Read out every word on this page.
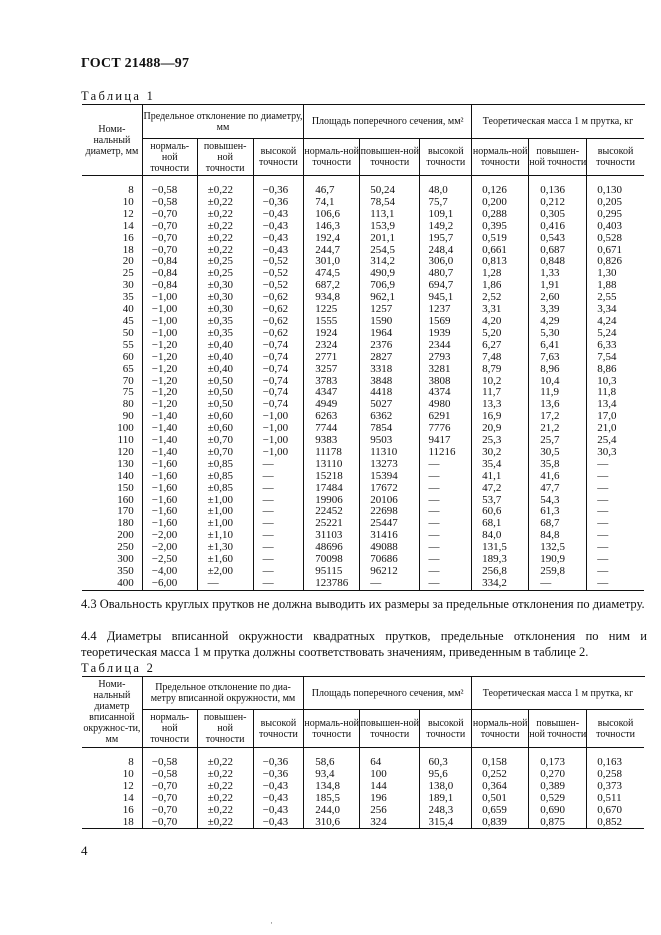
ГОСТ 21488—97
Таблица 1
Номи-нальный диаметр, мм	Предельное отклонение по диаметру, мм			Площадь поперечного сечения, мм²			Теоретическая масса 1 м прутка, кг			
	нормаль-ной точности	повышен-ной точности	высокой точности	нормаль-ной точности	повышен-ной точности	высокой точности	нормаль-ной точности	повышен-ной точности	высокой точности	

8	−0,58	±0,22	−0,36	46,7	50,24	48,0	0,126	0,136	0,130	
10	−0,58	±0,22	−0,36	74,1	78,54	75,7	0,200	0,212	0,205	
12	−0,70	±0,22	−0,43	106,6	113,1	109,1	0,288	0,305	0,295	
14	−0,70	±0,22	−0,43	146,3	153,9	149,2	0,395	0,416	0,403	
16	−0,70	±0,22	−0,43	192,4	201,1	195,7	0,519	0,543	0,528	
18	−0,70	±0,22	−0,43	244,7	254,5	248,4	0,661	0,687	0,671	
20	−0,84	±0,25	−0,52	301,0	314,2	306,0	0,813	0,848	0,826	
25	−0,84	±0,25	−0,52	474,5	490,9	480,7	1,28	1,33	1,30	
30	−0,84	±0,30	−0,52	687,2	706,9	694,7	1,86	1,91	1,88	
35	−1,00	±0,30	−0,62	934,8	962,1	945,1	2,52	2,60	2,55	
40	−1,00	±0,30	−0,62	1225	1257	1237	3,31	3,39	3,34	
45	−1,00	±0,35	−0,62	1555	1590	1569	4,20	4,29	4,24	
50	−1,00	±0,35	−0,62	1924	1964	1939	5,20	5,30	5,24	
55	−1,20	±0,40	−0,74	2324	2376	2344	6,27	6,41	6,33	
60	−1,20	±0,40	−0,74	2771	2827	2793	7,48	7,63	7,54	
65	−1,20	±0,40	−0,74	3257	3318	3281	8,79	8,96	8,86	
70	−1,20	±0,50	−0,74	3783	3848	3808	10,2	10,4	10,3	
75	−1,20	±0,50	−0,74	4347	4418	4374	11,7	11,9	11,8	
80	−1,20	±0,50	−0,74	4949	5027	4980	13,3	13,6	13,4	
90	−1,40	±0,60	−1,00	6263	6362	6291	16,9	17,2	17,0	
100	−1,40	±0,60	−1,00	7744	7854	7776	20,9	21,2	21,0	
110	−1,40	±0,70	−1,00	9383	9503	9417	25,3	25,7	25,4	
120	−1,40	±0,70	−1,00	11178	11310	11216	30,2	30,5	30,3	
130	−1,60	±0,85	—	13110	13273	—	35,4	35,8	—	
140	−1,60	±0,85	—	15218	15394	—	41,1	41,6	—	
150	−1,60	±0,85	—	17484	17672	—	47,2	47,7	—	
160	−1,60	±1,00	—	19906	20106	—	53,7	54,3	—	
170	−1,60	±1,00	—	22452	22698	—	60,6	61,3	—	
180	−1,60	±1,00	—	25221	25447	—	68,1	68,7	—	
200	−2,00	±1,10	—	31103	31416	—	84,0	84,8	—	
250	−2,00	±1,30	—	48696	49088	—	131,5	132,5	—	
300	−2,50	±1,60	—	70098	70686	—	189,3	190,9	—	
350	−4,00	±2,00	—	95115	96212	—	256,8	259,8	—	
400	−6,00	—	—	123786	—	—	334,2	—	—	
4.3 Овальность круглых прутков не должна выводить их размеры за предельные отклонения по диаметру.
4.4 Диаметры вписанной окружности квадратных прутков, предельные отклонения по ним и теоретическая масса 1 м прутка должны соответствовать значениям, приведенным в таблице 2.
Таблица 2
Номи-нальный диаметр вписанной окружнос-ти, мм	Предельное отклонение по диа-метру вписанной окружности, мм			Площадь поперечного сечения, мм²			Теоретическая масса 1 м прутка, кг			
	нормаль-ной точности	повышен-ной точности	высокой точности	нормаль-ной точности	повышен-ной точности	высокой точности	нормаль-ной точности	повышен-ной точности	высокой точности	

8	−0,58	±0,22	−0,36	58,6	64	60,3	0,158	0,173	0,163	
10	−0,58	±0,22	−0,36	93,4	100	95,6	0,252	0,270	0,258	
12	−0,70	±0,22	−0,43	134,8	144	138,0	0,364	0,389	0,373	
14	−0,70	±0,22	−0,43	185,5	196	189,1	0,501	0,529	0,511	
16	−0,70	±0,22	−0,43	244,0	256	248,3	0,659	0,690	0,670	
18	−0,70	±0,22	−0,43	310,6	324	315,4	0,839	0,875	0,852	
4
·
